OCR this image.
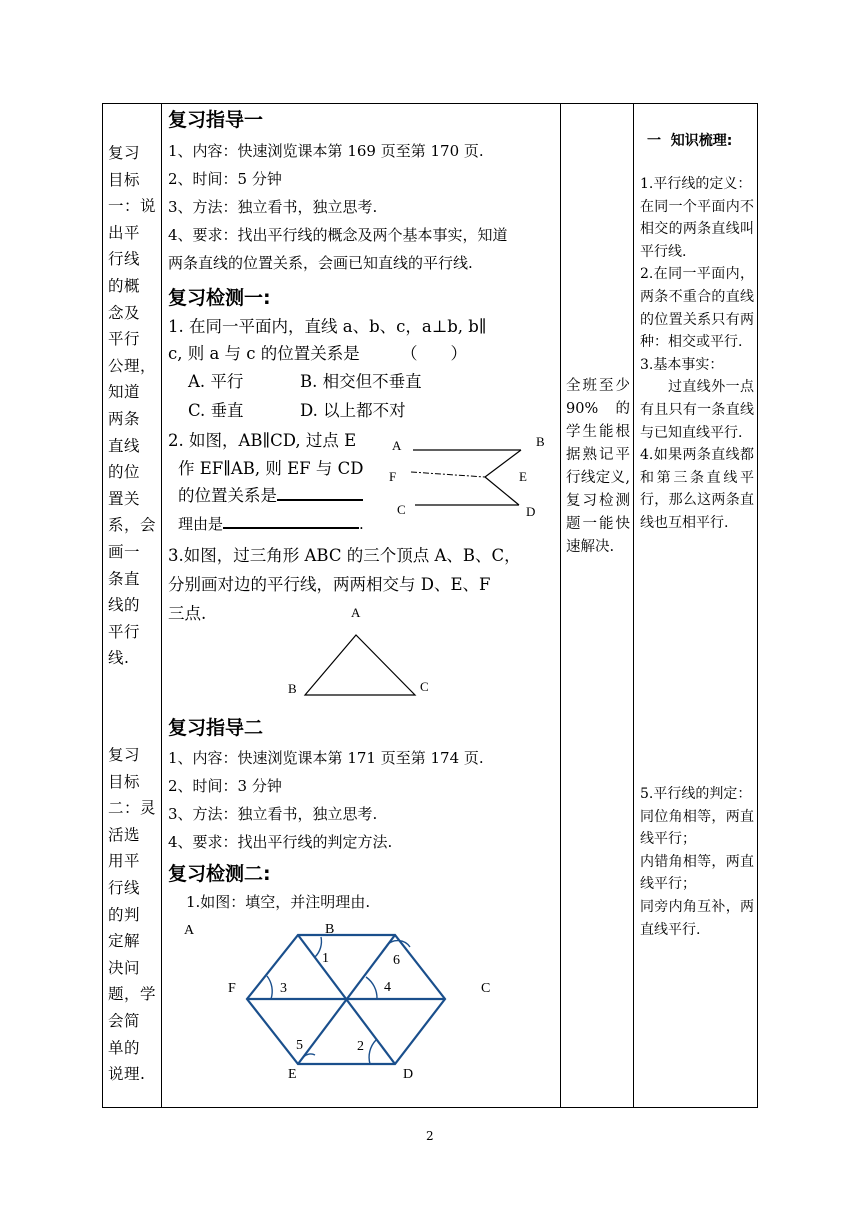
复习

目标

一：说

出平

行线

的概

念及

平行

公理，

知道

两条

直线

的位

置关

系，会

画一

条直

线的

平行

线.

复习

目标

二：灵

活选

用平

行线

的判

定解

决问

题，学

会简

单的

说理.

复习指导一
1、内容：快速浏览课本第 169 页至第 170 页.
2、时间：5 分钟
3、方法：独立看书，独立思考.
4、要求：找出平行线的概念及两个基本事实，知道
两条直线的位置关系，会画已知直线的平行线.
复习检测一:
1. 在同一平面内，直线 a、b、c，a⊥b, b∥
c, 则 a 与 c 的位置关系是　　　（　　）
A. 平行	B. 相交但不垂直
C. 垂直	D. 以上都不对
2. 如图，AB∥CD, 过点 E
作 EF∥AB, 则 EF 与 CD
的位置关系是
理由是	.
A	B
F	E
C	D
3.如图，过三角形 ABC 的三个顶点 A、B、C，
分别画对边的平行线，两两相交与 D、E、F
三点.	A
B	C
复习指导二
1、内容：快速浏览课本第 171 页至第 174 页.
2、时间：3 分钟
3、方法：独立看书，独立思考.
4、要求：找出平行线的判定方法.
复习检测二:
1.如图：填空，并注明理由.
A	B
C
D
E
F
1	6
3	4
5	2
全班至少 90% 的学生能根据熟记平行线定义,复习检测题一能快速解决.
一  知识梳理:

1.平行线的定义：

在同一个平面内不相交的两条直线叫平行线.

2.在同一平面内，两条不重合的直线的位置关系只有两种：相交或平行.

3.基本事实：

过直线外一点有且只有一条直线与已知直线平行.

4.如果两条直线都和第三条直线平行，那么这两条直线也互相平行.

5.平行线的判定：

同位角相等，两直线平行；

内错角相等，两直线平行；

同旁内角互补，两直线平行.

2
